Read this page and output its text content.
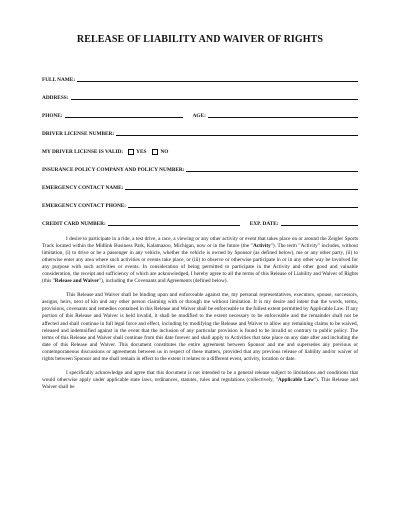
RELEASE OF LIABILITY AND WAIVER OF RIGHTS
FULL NAME:
ADDRESS:
PHONE:	AGE:
DRIVER LICENSE NUMBER:
MY DRIVER LICENSE IS VALID: YES	NO
INSURANCE POLICY COMPANY AND POLICY NUMBER:
EMERGENCY CONTACT NAME:
EMERGENCY CONTACT PHONE:
CREDIT CARD NUMBER:	EXP. DATE:

I desire to participate in a ride, a test drive, a race, a viewing or any other activity or event that takes place on or around the Zeigler Sports Track located within the Midlink Business Park, Kalamazoo, Michigan, now or in the future (the "Activity"). The term "Activity" includes, without limitation, (i) to drive or be a passenger in any vehicle, whether the vehicle is owned by Sponsor (as defined below), me or any other party, (ii) to otherwise enter any area where such activities or events take place, or (iii) to observe or otherwise participate in or in any other way be involved for any purpose with such activities or events. In consideration of being permitted to participate in the Activity and other good and valuable consideration, the receipt and sufficiency of which are acknowledged, I hereby agree to all the terms of this Release of Liability and Waiver of Rights (this "Release and Waiver"), including the Covenants and Agreements (defined below).

This Release and Waiver shall be binding upon and enforceable against me, my personal representatives, executors, spouse, successors, assigns, heirs, next of kin and any other person claiming with or through me without limitation. It is my desire and intent that the words, terms, provisions, covenants and remedies contained in this Release and Waiver shall be enforceable to the fullest extent permitted by Applicable Law. If any portion of this Release and Waiver is held invalid, it shall be modified to the extent necessary to be enforceable and the remainder shall not be affected and shall continue in full legal force and effect, including by modifying the Release and Waiver to allow any remaining claims to be waived, released and indemnified against in the event that the inclusion of any particular provision is found to be invalid or contrary to public policy. The terms of this Release and Waiver shall continue from this date forever and shall apply to Activities that take place on any date after and including the date of this Release and Waiver. This document constitutes the entire agreement between Sponsor and me and supersedes any previous or contemporaneous discussions or agreements between us in respect of these matters, provided that any previous release of liability and/or waiver of rights between Sponsor and me shall remain in effect to the extent it relates to a different event, activity, location or date.

I specifically acknowledge and agree that this document is not intended to be a general release subject to limitations and conditions that would otherwise apply under applicable state laws, ordinances, statutes, rules and regulations (collectively, "Applicable Law"). This Release and Waiver shall be
